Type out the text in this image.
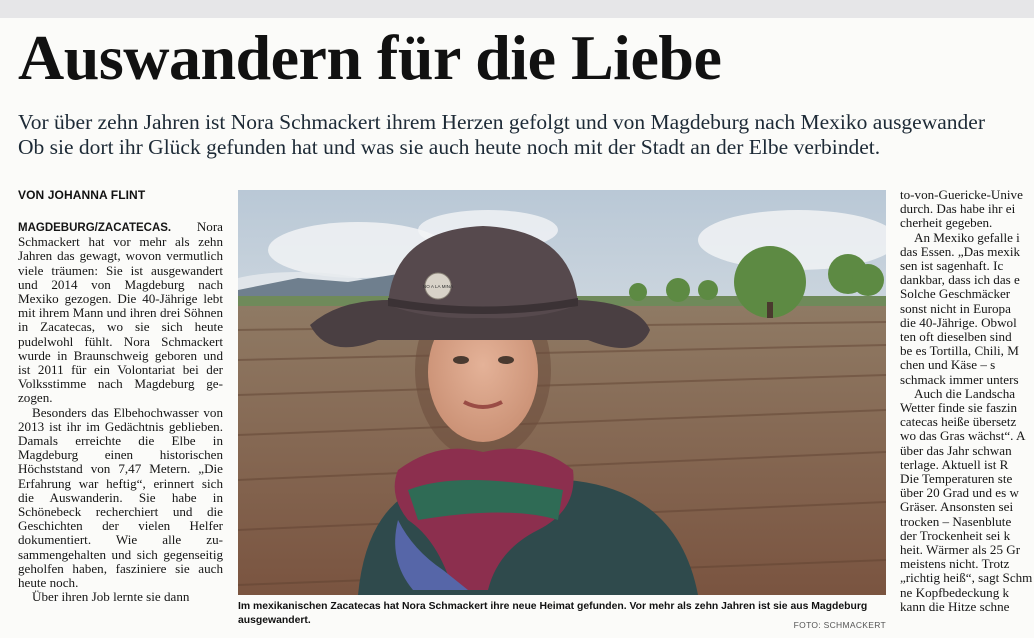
Auswandern für die Liebe
Vor über zehn Jahren ist Nora Schmackert ihrem Herzen gefolgt und von Magdeburg nach Mexiko ausgewander
Ob sie dort ihr Glück gefunden hat und was sie auch heute noch mit der Stadt an der Elbe verbindet.
VON JOHANNA FLINT

MAGDEBURG/ZACATECAS. Nora Schmackert hat vor mehr als zehn Jahren das gewagt, wovon vermutlich viele träumen: Sie ist ausgewandert und 2014 von Magdeburg nach Mexiko gezogen. Die 40-Jährige lebt mit ihrem Mann und ihren drei Söhnen in Zacatecas, wo sie sich heute pudelwohl fühlt. Nora Schmackert wurde in Braunschweig geboren und ist 2011 für ein Volontariat bei der Volksstimme nach Magdeburg gezogen.

Besonders das Elbehochwasser von 2013 ist ihr im Gedächtnis geblieben. Damals erreichte die Elbe in Magdeburg einen historischen Höchststand von 7,47 Metern. „Die Erfahrung war heftig“, erinnert sich die Auswanderin. Sie habe in Schönebeck recherchiert und die Geschichten der vielen Helfer dokumentiert. Wie alle zusammengehalten und sich gegenseitig geholfen haben, fasziniere sie auch heute noch.

Über ihren Job lernte sie dann

NO A LA MINA
Im mexikanischen Zacatecas hat Nora Schmackert ihre neue Heimat gefunden. Vor mehr als zehn Jahren ist sie aus Magdeburg ausgewandert.	FOTO: SCHMACKERT
to-von-Guericke-Unive
durch. Das habe ihr ei
cherheit gegeben.
An Mexiko gefalle i
das Essen. „Das mexik
sen ist sagenhaft. Ic
dankbar, dass ich das e
Solche Geschmäcker
sonst nicht in Europa
die 40-Jährige. Obwol
ten oft dieselben sind
be es Tortilla, Chili, M
chen und Käse – s
schmack immer unters
Auch die Landscha
Wetter finde sie faszin
catecas heiße übersetz
wo das Gras wächst“. A
über das Jahr schwan
terlage. Aktuell ist R
Die Temperaturen ste
über 20 Grad und es w
Gräser. Ansonsten sei
trocken – Nasenblute
der Trockenheit sei k
heit. Wärmer als 25 Gr
meistens nicht. Trotz
„richtig heiß“, sagt Schm
ne Kopfbedeckung k
kann die Hitze schne
